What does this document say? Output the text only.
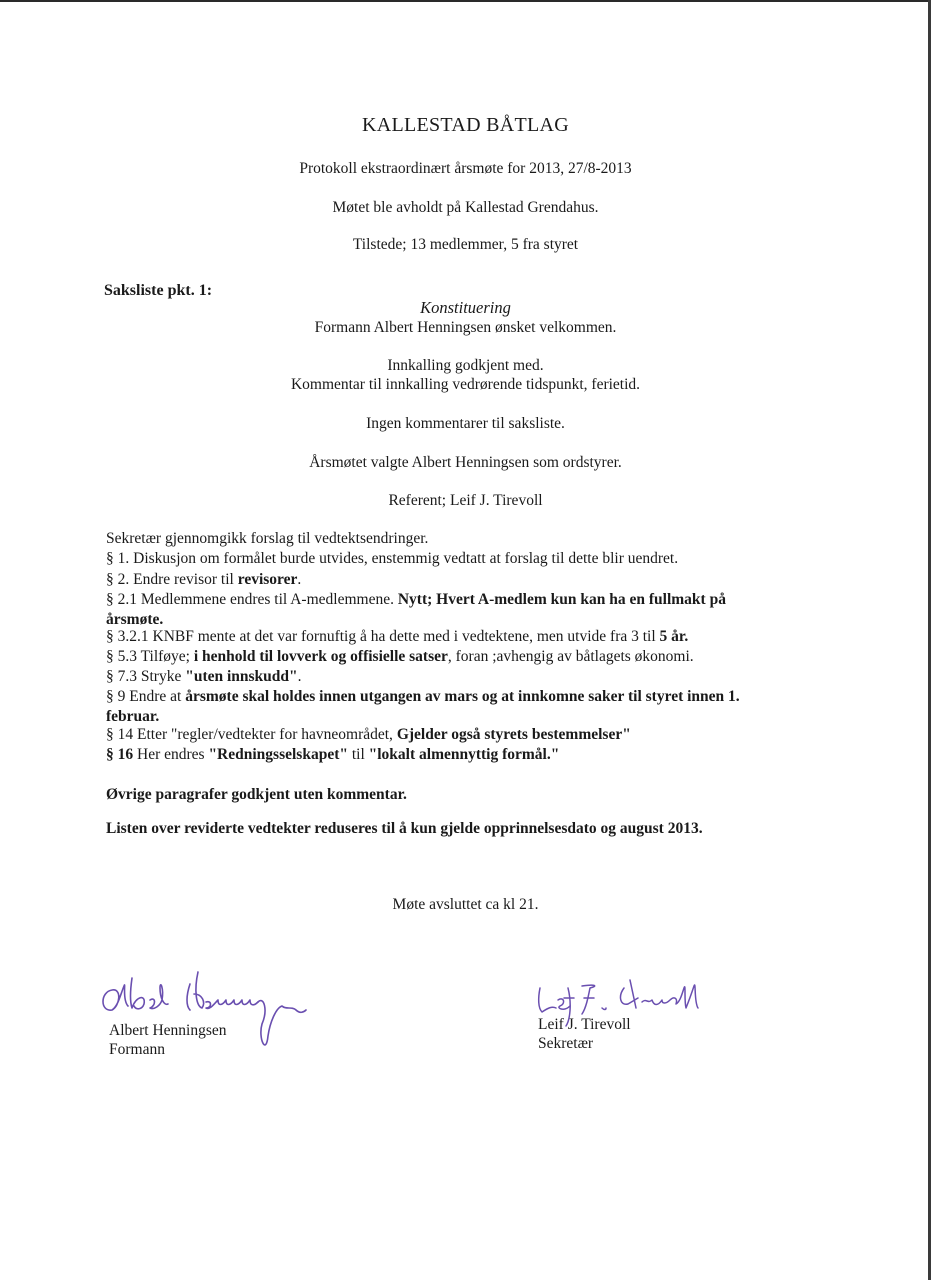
KALLESTAD BÅTLAG
Protokoll ekstraordinært årsmøte for 2013, 27/8-2013
Møtet ble avholdt på Kallestad Grendahus.
Tilstede; 13 medlemmer, 5 fra styret
Saksliste pkt. 1:
Konstituering
Formann Albert Henningsen ønsket velkommen.
Innkalling godkjent med.
Kommentar til innkalling vedrørende tidspunkt, ferietid.
Ingen kommentarer til saksliste.
Årsmøtet valgte Albert Henningsen som ordstyrer.
Referent; Leif J. Tirevoll
Sekretær gjennomgikk forslag til vedtektsendringer.
§ 1. Diskusjon om formålet burde utvides, enstemmig vedtatt at forslag til dette blir uendret.
§ 2. Endre revisor til revisorer.
§ 2.1 Medlemmene endres til A-medlemmene. Nytt; Hvert A-medlem kun kan ha en fullmakt på
årsmøte.
§ 3.2.1 KNBF mente at det var fornuftig å ha dette med i vedtektene, men utvide fra 3 til 5 år.
§ 5.3 Tilføye; i henhold til lovverk og offisielle satser, foran ;avhengig av båtlagets økonomi.
§ 7.3 Stryke "uten innskudd".
§ 9 Endre at årsmøte skal holdes innen utgangen av mars og at innkomne saker til styret innen 1.
februar.
§ 14 Etter "regler/vedtekter for havneområdet, Gjelder også styrets bestemmelser"
§ 16 Her endres "Redningsselskapet" til "lokalt almennyttig formål."
Øvrige paragrafer godkjent uten kommentar.
Listen over reviderte vedtekter reduseres til å kun gjelde opprinnelsesdato og august 2013.
Møte avsluttet ca kl 21.
Albert Henningsen
Formann
Leif J. Tirevoll
Sekretær
